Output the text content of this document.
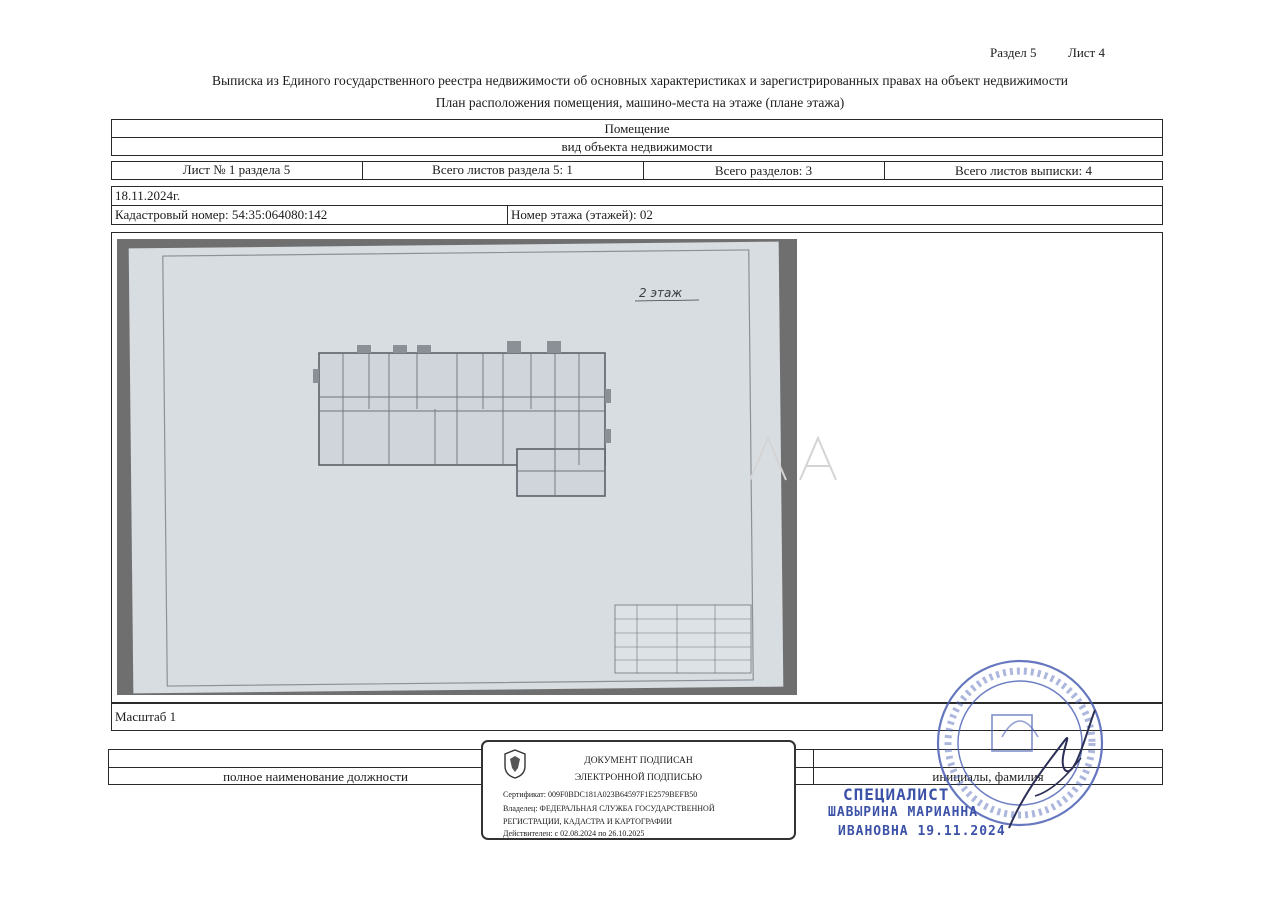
Раздел 5 Лист 4
Выписка из Единого государственного реестра недвижимости об основных характеристиках и зарегистрированных правах на объект недвижимости
План расположения помещения, машино-места на этаже (плане этажа)
Помещение
вид объекта недвижимости
Лист № 1 раздела 5	Всего листов раздела 5: 1	Всего разделов: 3	Всего листов выписки: 4
18.11.2024г.
Кадастровый номер: 54:35:064080:142	Номер этажа (этажей): 02
2 этаж
Масштаб 1
полное наименование должности	инициалы, фамилия
ДОКУМЕНТ ПОДПИСАН
ЭЛЕКТРОННОЙ ПОДПИСЬЮ
Сертификат: 009F0BDC181A023B64597F1E2579BEFB50
Владелец: ФЕДЕРАЛЬНАЯ СЛУЖБА ГОСУДАРСТВЕННОЙ
РЕГИСТРАЦИИ, КАДАСТРА И КАРТОГРАФИИ
Действителен: с 02.08.2024 по 26.10.2025
СПЕЦИАЛИСТ
ШАВЫРИНА МАРИАННА
ИВАНОВНА 19.11.2024
